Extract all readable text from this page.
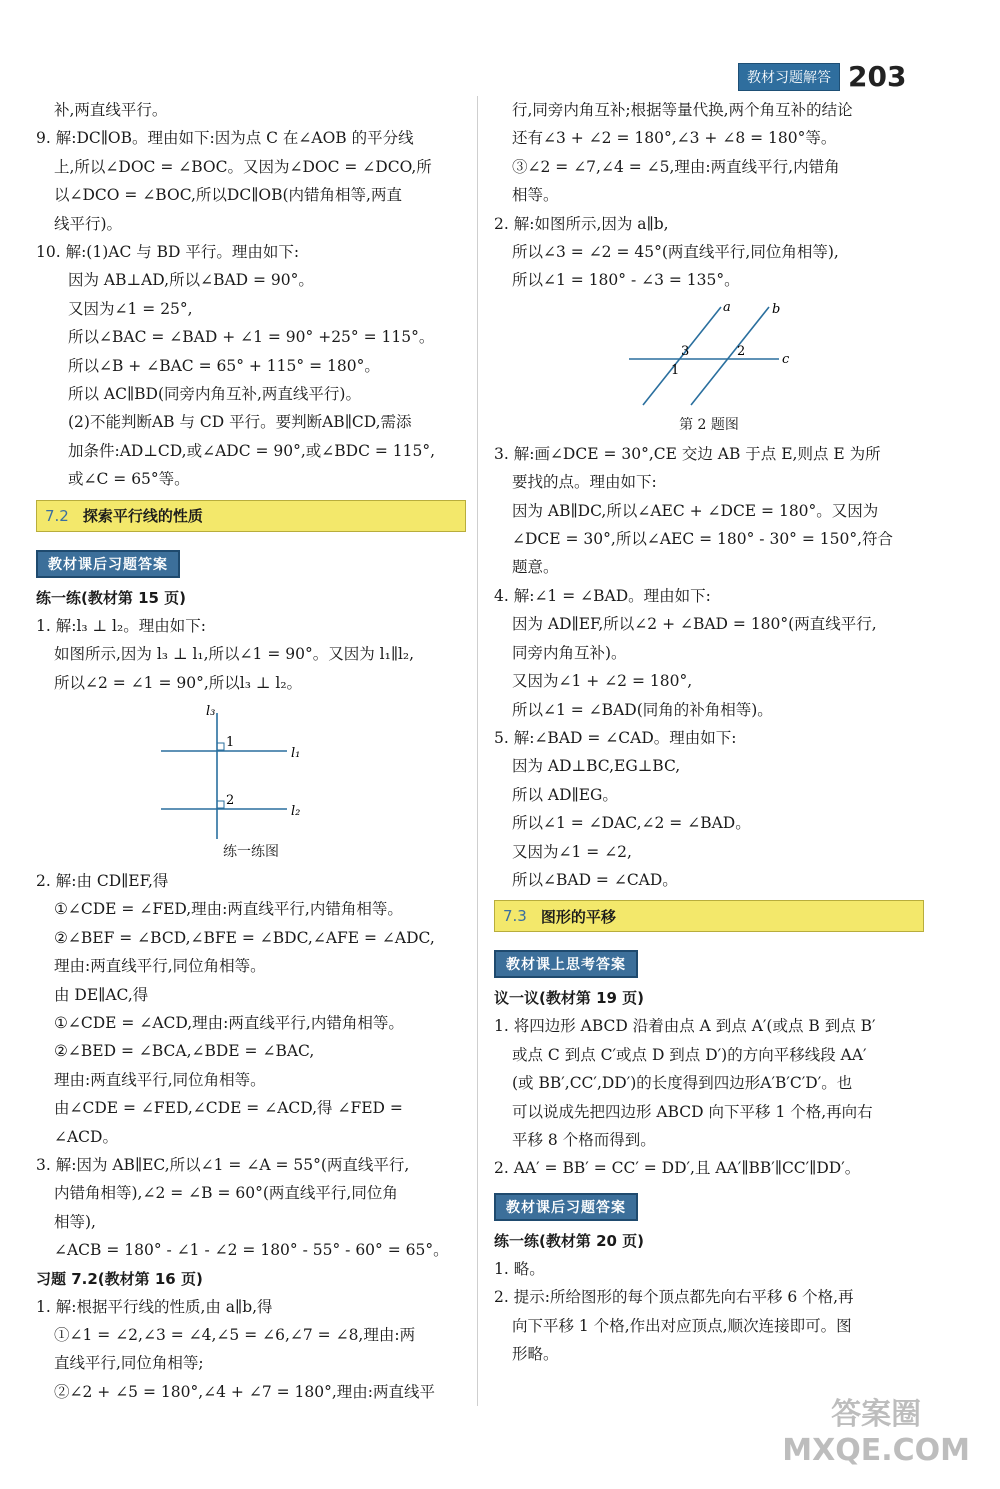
教材习题解答 203
补,两直线平行。
9. 解:DC∥OB。理由如下:因为点 C 在∠AOB 的平分线
上,所以∠DOC = ∠BOC。又因为∠DOC = ∠DCO,所
以∠DCO = ∠BOC,所以DC∥OB(内错角相等,两直
线平行)。
10. 解:(1)AC 与 BD 平行。理由如下:
因为 AB⊥AD,所以∠BAD = 90°。
又因为∠1 = 25°,
所以∠BAC = ∠BAD + ∠1 = 90° +25° = 115°。
所以∠B + ∠BAC = 65° + 115° = 180°。
所以 AC∥BD(同旁内角互补,两直线平行)。
(2)不能判断AB 与 CD 平行。要判断AB∥CD,需添
加条件:AD⊥CD,或∠ADC = 90°,或∠BDC = 115°,
或∠C = 65°等。
7.2 探索平行线的性质
教材课后习题答案
练一练(教材第 15 页)
1. 解:l₃ ⊥ l₂。理由如下:
如图所示,因为 l₃ ⊥ l₁,所以∠1 = 90°。又因为 l₁∥l₂,
所以∠2 = ∠1 = 90°,所以l₃ ⊥ l₂。
l₃
l₁
l₂
1
2
练一练图
2. 解:由 CD∥EF,得
①∠CDE = ∠FED,理由:两直线平行,内错角相等。
②∠BEF = ∠BCD,∠BFE = ∠BDC,∠AFE = ∠ADC,
理由:两直线平行,同位角相等。
由 DE∥AC,得
①∠CDE = ∠ACD,理由:两直线平行,内错角相等。
②∠BED = ∠BCA,∠BDE = ∠BAC,
理由:两直线平行,同位角相等。
由∠CDE = ∠FED,∠CDE = ∠ACD,得 ∠FED =
∠ACD。
3. 解:因为 AB∥EC,所以∠1 = ∠A = 55°(两直线平行,
内错角相等),∠2 = ∠B = 60°(两直线平行,同位角
相等),
∠ACB = 180° - ∠1 - ∠2 = 180° - 55° - 60° = 65°。
习题 7.2(教材第 16 页)
1. 解:根据平行线的性质,由 a∥b,得
①∠1 = ∠2,∠3 = ∠4,∠5 = ∠6,∠7 = ∠8,理由:两
直线平行,同位角相等;
②∠2 + ∠5 = 180°,∠4 + ∠7 = 180°,理由:两直线平
行,同旁内角互补;根据等量代换,两个角互补的结论
还有∠3 + ∠2 = 180°,∠3 + ∠8 = 180°等。
③∠2 = ∠7,∠4 = ∠5,理由:两直线平行,内错角
相等。
2. 解:如图所示,因为 a∥b,
所以∠3 = ∠2 = 45°(两直线平行,同位角相等),
所以∠1 = 180° - ∠3 = 135°。
a	b
c
1
3	2
第 2 题图
3. 解:画∠DCE = 30°,CE 交边 AB 于点 E,则点 E 为所
要找的点。理由如下:
因为 AB∥DC,所以∠AEC + ∠DCE = 180°。又因为
∠DCE = 30°,所以∠AEC = 180° - 30° = 150°,符合
题意。
4. 解:∠1 = ∠BAD。理由如下:
因为 AD∥EF,所以∠2 + ∠BAD = 180°(两直线平行,
同旁内角互补)。
又因为∠1 + ∠2 = 180°,
所以∠1 = ∠BAD(同角的补角相等)。
5. 解:∠BAD = ∠CAD。理由如下:
因为 AD⊥BC,EG⊥BC,
所以 AD∥EG。
所以∠1 = ∠DAC,∠2 = ∠BAD。
又因为∠1 = ∠2,
所以∠BAD = ∠CAD。
7.3 图形的平移
教材课上思考答案
议一议(教材第 19 页)
1. 将四边形 ABCD 沿着由点 A 到点 A′(或点 B 到点 B′
或点 C 到点 C′或点 D 到点 D′)的方向平移线段 AA′
(或 BB′,CC′,DD′)的长度得到四边形A′B′C′D′。也
可以说成先把四边形 ABCD 向下平移 1 个格,再向右
平移 8 个格而得到。
2. AA′ = BB′ = CC′ = DD′,且 AA′∥BB′∥CC′∥DD′。
教材课后习题答案
练一练(教材第 20 页)
1. 略。
2. 提示:所给图形的每个顶点都先向右平移 6 个格,再
向下平移 1 个格,作出对应顶点,顺次连接即可。图
形略。
答案圈
MXQE.COM
